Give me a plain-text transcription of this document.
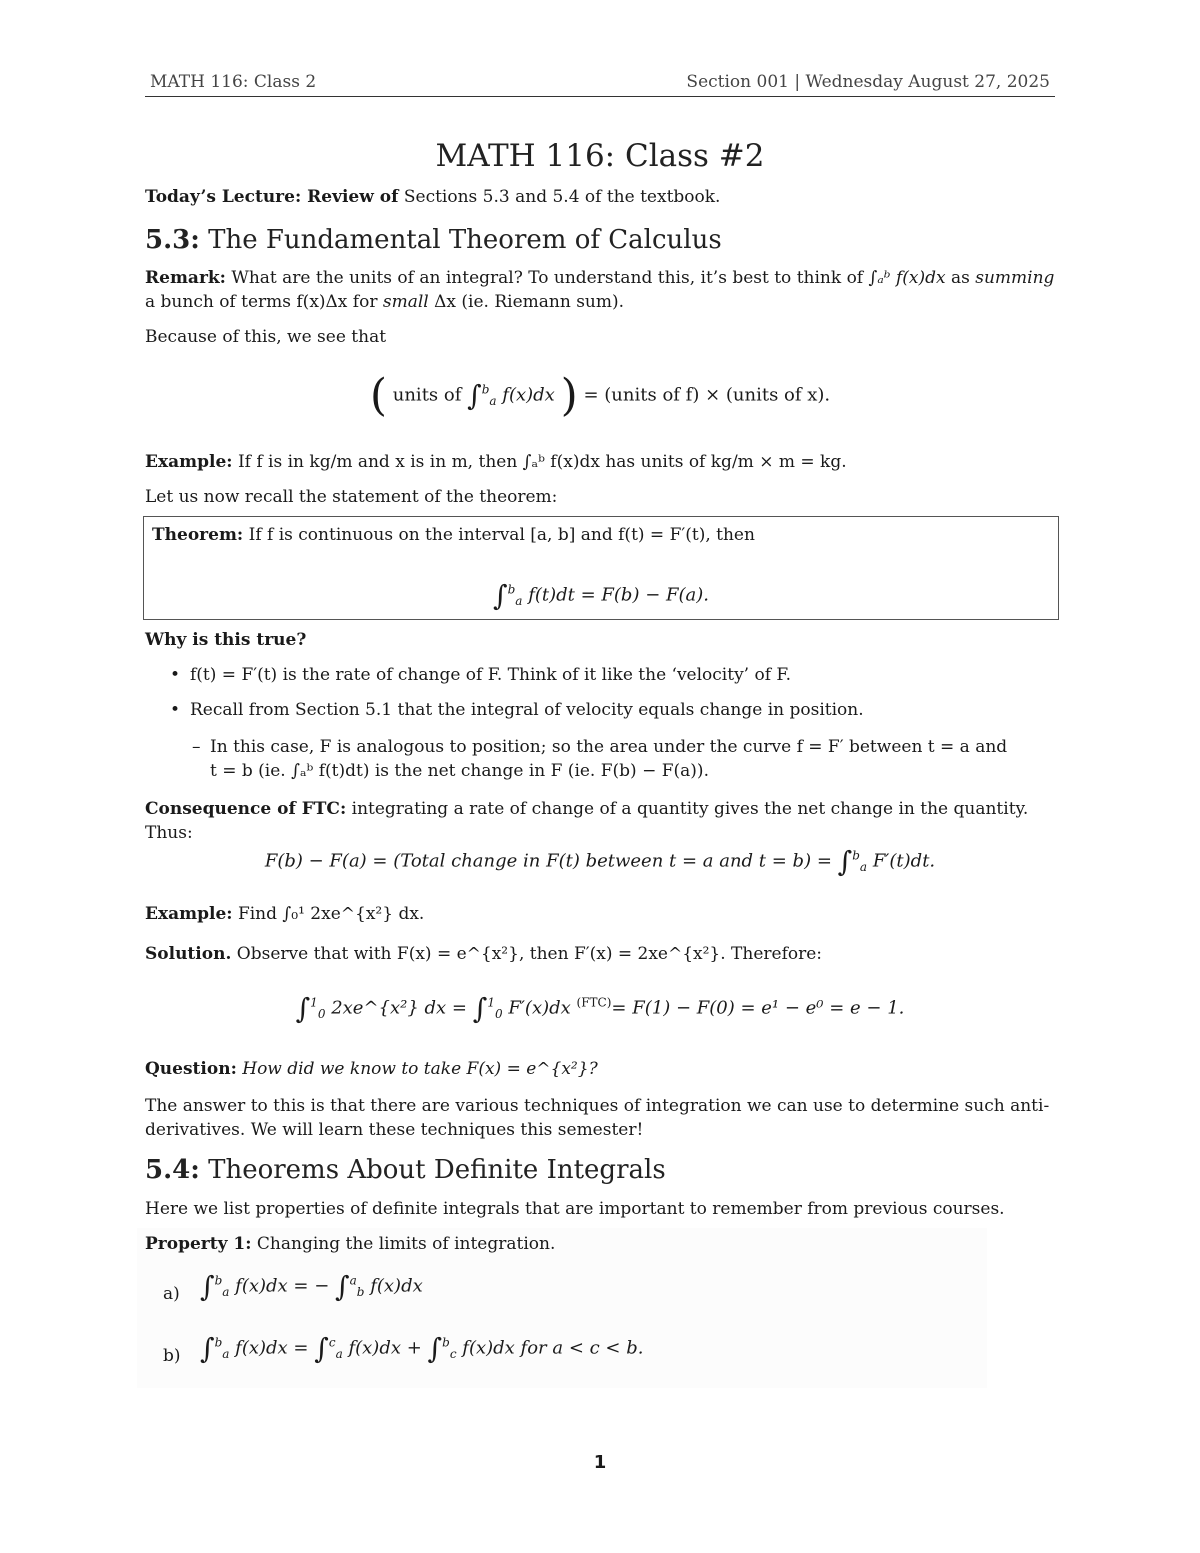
MATH 116: Class 2	Section 001 | Wednesday August 27, 2025
MATH 116: Class #2
Today’s Lecture: Review of Sections 5.3 and 5.4 of the textbook.
5.3: The Fundamental Theorem of Calculus
Remark: What are the units of an integral? To understand this, it’s best to think of ∫ₐᵇ f(x)dx as summing
a bunch of terms f(x)Δx for small Δx (ie. Riemann sum).
Because of this, we see that
( units of ∫$^b_a$ f(x)dx ) = (units of f) × (units of x).
Example: If f is in kg/m and x is in m, then ∫ₐᵇ f(x)dx has units of kg/m × m = kg.
Let us now recall the statement of the theorem:
Theorem: If f is continuous on the interval [a, b] and f(t) = F′(t), then
∫$^b_a$ f(t)dt = F(b) − F(a).
Why is this true?
• f(t) = F′(t) is the rate of change of F. Think of it like the ‘velocity’ of F.
• Recall from Section 5.1 that the integral of velocity equals change in position.
– In this case, F is analogous to position; so the area under the curve f = F′ between t = a and
t = b (ie. ∫ₐᵇ f(t)dt) is the net change in F (ie. F(b) − F(a)).
Consequence of FTC: integrating a rate of change of a quantity gives the net change in the quantity.
Thus:
F(b) − F(a) = (Total change in F(t) between t = a and t = b) = ∫$^b_a$ F′(t)dt.
Example: Find ∫₀¹ 2xe^{x²} dx.
Solution. Observe that with F(x) = e^{x²}, then F′(x) = 2xe^{x²}. Therefore:
∫$^1_0$ 2xe^{x²} dx = ∫$^1_0$ F′(x)dx $^{(FTC)}$= F(1) − F(0) = e¹ − e⁰ = e − 1.
Question: How did we know to take F(x) = e^{x²}?
The answer to this is that there are various techniques of integration we can use to determine such anti-
derivatives. We will learn these techniques this semester!
5.4: Theorems About Definite Integrals
Here we list properties of definite integrals that are important to remember from previous courses.
Property 1: Changing the limits of integration.
a) ∫$^b_a$ f(x)dx = − ∫$^a_b$ f(x)dx
b) ∫$^b_a$ f(x)dx = ∫$^c_a$ f(x)dx + ∫$^b_c$ f(x)dx for a < c < b.
1
